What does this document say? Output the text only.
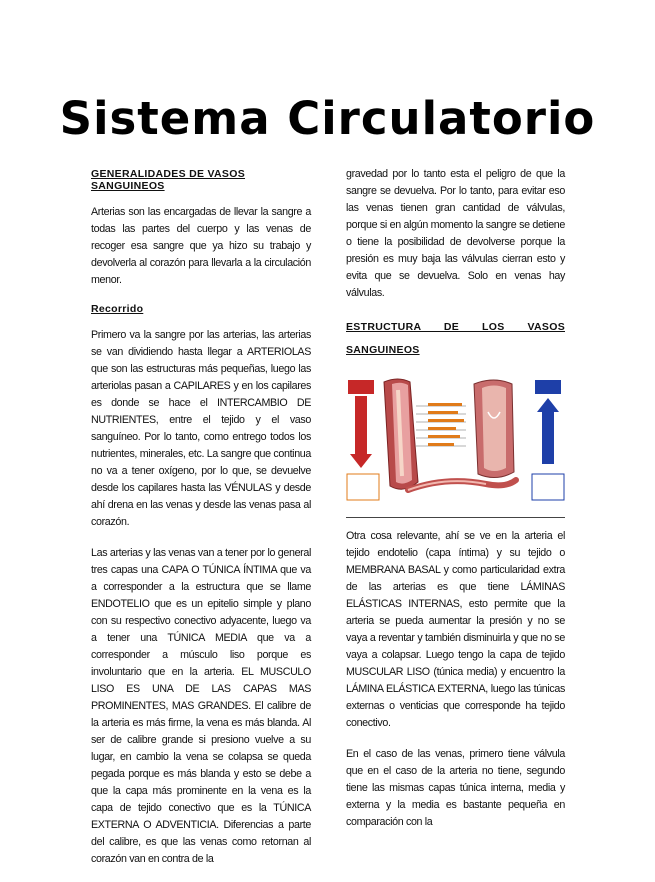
Sistema Circulatorio
GENERALIDADES DE VASOS SANGUINEOS

Arterias son las encargadas de llevar la sangre a todas las partes del cuerpo y las venas de recoger esa sangre que ya hizo su trabajo y devolverla al corazón para llevarla a la circulación menor.

Recorrido

Primero va la sangre por las arterias, las arterias se van dividiendo hasta llegar a ARTERIOLAS que son las estructuras más pequeñas, luego las arteriolas pasan a CAPILARES y en los capilares es donde se hace el INTERCAMBIO DE NUTRIENTES, entre el tejido y el vaso sanguíneo. Por lo tanto, como entrego todos los nutrientes, minerales, etc. La sangre que continua no va a tener oxígeno, por lo que, se devuelve desde los capilares hasta las VÉNULAS y desde ahí drena en las venas y desde las venas pasa al corazón.

Las arterias y las venas van a tener por lo general tres capas una CAPA O TÚNICA ÍNTIMA que va a corresponder a la estructura que se llame ENDOTELIO que es un epitelio simple y plano con su respectivo conectivo adyacente, luego va a tener una TÚNICA MEDIA que va a corresponder a músculo liso porque es involuntario que en la arteria. EL MUSCULO LISO ES UNA DE LAS CAPAS MAS PROMINENTES, MAS GRANDES. El calibre de la arteria es más firme, la vena es más blanda. Al ser de calibre grande si presiono vuelve a su lugar, en cambio la vena se colapsa se queda pegada porque es más blanda y esto se debe a que la capa más prominente en la vena es la capa de tejido conectivo que es la TÚNICA EXTERNA O ADVENTICIA. Diferencias a parte del calibre, es que las venas como retornan al corazón van en contra de la

gravedad por lo tanto esta el peligro de que la sangre se devuelva. Por lo tanto, para evitar eso las venas tienen gran cantidad de válvulas, porque si en algún momento la sangre se detiene o tiene la posibilidad de devolverse porque la presión es muy baja las válvulas cierran esto y evita que se devuelva. Solo en venas hay válvulas.

ESTRUCTURA DE LOS VASOS SANGUINEOS

Otra cosa relevante, ahí se ve en la arteria el tejido endotelio (capa íntima) y su tejido o MEMBRANA BASAL y como particularidad extra de las arterias es que tiene LÁMINAS ELÁSTICAS INTERNAS, esto permite que la arteria se pueda aumentar la presión y no se vaya a reventar y también disminuirla y que no se vaya a colapsar. Luego tengo la capa de tejido MUSCULAR LISO (túnica media) y encuentro la LÁMINA ELÁSTICA EXTERNA, luego las túnicas externas o venticias que corresponde ha tejido conectivo.

En el caso de las venas, primero tiene válvula que en el caso de la arteria no tiene, segundo tiene las mismas capas túnica interna, media y externa y la media es bastante pequeña en comparación con la
